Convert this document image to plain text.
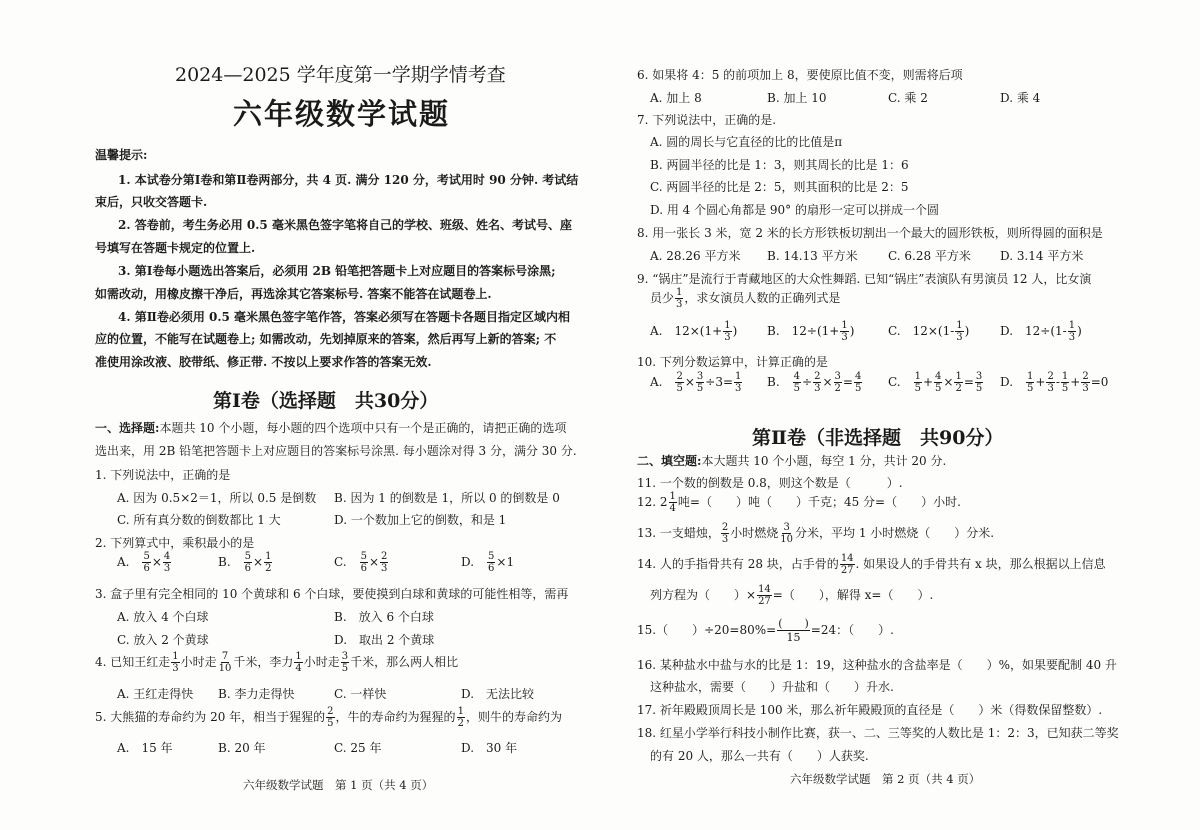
2024—2025 学年度第一学期学情考查
六年级数学试题
温馨提示:
1. 本试卷分第Ⅰ卷和第Ⅱ卷两部分，共 4 页. 满分 120 分，考试用时 90 分钟. 考试结
束后，只收交答题卡.
2. 答卷前，考生务必用 0.5 毫米黑色签字笔将自己的学校、班级、姓名、考试号、座
号填写在答题卡规定的位置上.
3. 第Ⅰ卷每小题选出答案后，必须用 2B 铅笔把答题卡上对应题目的答案标号涂黑;
如需改动，用橡皮擦干净后，再选涂其它答案标号. 答案不能答在试题卷上.
4. 第Ⅱ卷必须用 0.5 毫米黑色签字笔作答，答案必须写在答题卡各题目指定区域内相
应的位置，不能写在试题卷上; 如需改动，先划掉原来的答案，然后再写上新的答案; 不
准使用涂改液、胶带纸、修正带. 不按以上要求作答的答案无效.
第Ⅰ卷（选择题　共30分）
一、选择题:本题共 10 个小题，每小题的四个选项中只有一个是正确的，请把正确的选项
选出来，用 2B 铅笔把答题卡上对应题目的答案标号涂黑. 每小题涂对得 3 分，满分 30 分.
1. 下列说法中，正确的是
A. 因为 0.5×2＝1，所以 0.5 是倒数 B. 因为 1 的倒数是 1，所以 0 的倒数是 0
C. 所有真分数的倒数都比 1 大	D. 一个数加上它的倒数，和是 1
2. 下列算式中，乘积最小的是
A.　 $\frac{5}{6} \times \frac{4}{3}$	B.　 $\frac{5}{6} \times \frac{1}{2}$	C.　 $\frac{5}{6} \times \frac{2}{3}$	D.　 $\frac{5}{6} \times 1$
3. 盒子里有完全相同的 10 个黄球和 6 个白球，要使摸到白球和黄球的可能性相等，需再
A. 放入 4 个白球	B.　放入 6 个白球
C. 放入 2 个黄球	D.　取出 2 个黄球
4. 已知王红走 $\frac{1}{3}$ 小时走 $\frac{7}{10}$ 千米，李力 $\frac{1}{4}$ 小时走 $\frac{3}{5}$ 千米，那么两人相比
A. 王红走得快 B. 李力走得快	C. 一样快	D.　无法比较
5. 大熊猫的寿命约为 20 年，相当于猩猩的 $\frac{2}{5}$ ，牛的寿命约为猩猩的 $\frac{1}{2}$ ，则牛的寿命约为
A.　15 年	B. 20 年	C. 25 年	D.　30 年
六年级数学试题　第 1 页（共 4 页）
6. 如果将 4：5 的前项加上 8，要使原比值不变，则需将后项
A. 加上 8	B. 加上 10	C. 乘 2	D. 乘 4
7. 下列说法中，正确的是.
A. 圆的周长与它直径的比的比值是π
B. 两圆半径的比是 1：3，则其周长的比是 1：6
C. 两圆半径的比是 2：5，则其面积的比是 2：5
D. 用 4 个圆心角都是 90° 的扇形一定可以拼成一个圆
8. 用一张长 3 米，宽 2 米的长方形铁板切割出一个最大的圆形铁板，则所得圆的面积是
A. 28.26 平方米 B. 14.13 平方米	C. 6.28 平方米 D. 3.14 平方米
9. “锅庄”是流行于青藏地区的大众性舞蹈. 已知“锅庄”表演队有男演员 12 人，比女演
员少 $\frac{1}{3}$ ，求女演员人数的正确列式是
A.　$12\times(1+ \frac{1}{3}$ ) B.　$12\div(1+ \frac{1}{3}$ )	C.　$12\times(1- \frac{1}{3}$ )	D.　$12\div(1- \frac{1}{3}$ )
10. 下列分数运算中，计算正确的是
A.　 $\frac{2}{5} \times \frac{3}{5} \div 3= \frac{1}{3} B$.　 $\frac{4}{5} \div \frac{2}{3} \times \frac{3}{2} = \frac{4}{5} C$.　 $\frac{1}{5} + \frac{4}{5} \times \frac{1}{2} = \frac{3}{5} D$.　 $\frac{1}{5} + \frac{2}{3} - \frac{1}{5} + \frac{2}{3} =0$
第Ⅱ卷（非选择题　共90分）
二、填空题:本大题共 10 个小题，每空 1 分，共计 20 分.
11. 一个数的倒数是 0.8，则这个数是（　　　）.
12. $2 \frac{1}{4}$ 吨=（　　）吨（　　）千克；45 分=（　　）小时.
13. 一支蜡烛， $\frac{2}{3}$ 小时燃烧 $\frac{3}{10}$ 分米，平均 1 小时燃烧（　　）分米.
14. 人的手指骨共有 28 块，占手骨的 $\frac{14}{27}$ . 如果设人的手骨共有 x 块，那么根据以上信息
列方程为（　　）× $\frac{14}{27}$ =（　　），解得 x=（　　）.
15.（　　）$\div 20=80\%= \frac{( )}{15} =24$：（　　）.
16. 某种盐水中盐与水的比是 1：19，这种盐水的含盐率是（　　）%，如果要配制 40 升
这种盐水，需要（　　）升盐和（　　）升水.
17. 祈年殿殿顶周长是 100 米，那么祈年殿殿顶的直径是（　　）米（得数保留整数）.
18. 红星小学举行科技小制作比赛，获一、二、三等奖的人数比是 1：2：3，已知获二等奖
的有 20 人，那么一共有（　　）人获奖.
六年级数学试题　第 2 页（共 4 页）
